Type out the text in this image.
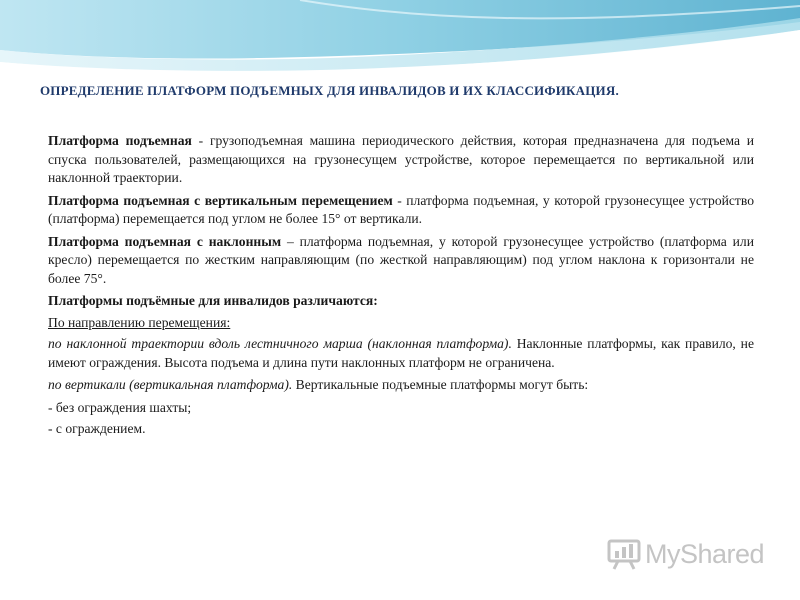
ОПРЕДЕЛЕНИЕ ПЛАТФОРМ ПОДЪЕМНЫХ ДЛЯ ИНВАЛИДОВ И ИХ КЛАССИФИКАЦИЯ.

Платформа подъемная - грузоподъемная машина периодического действия, которая предназначена для подъема и спуска пользователей, размещающихся на грузонесущем устройстве, которое перемещается по вертикальной или наклонной траектории.

Платформа подъемная с вертикальным перемещением - платформа подъемная, у которой грузонесущее устройство (платформа) перемещается под углом не более 15° от вертикали.

Платформа подъемная с наклонным – платформа подъемная, у которой грузонесущее устройство (платформа или кресло) перемещается по жестким направляющим (по жесткой направляющим) под углом наклона к горизонтали не более 75°.

Платформы подъёмные для инвалидов различаются:

По направлению перемещения:

по наклонной траектории вдоль лестничного марша (наклонная платформа). Наклонные платформы, как правило, не имеют ограждения. Высота подъема и длина пути наклонных платформ не ограничена.

по вертикали (вертикальная платформа). Вертикальные подъемные платформы могут быть:

- без ограждения шахты;

- с ограждением.

MyShared
